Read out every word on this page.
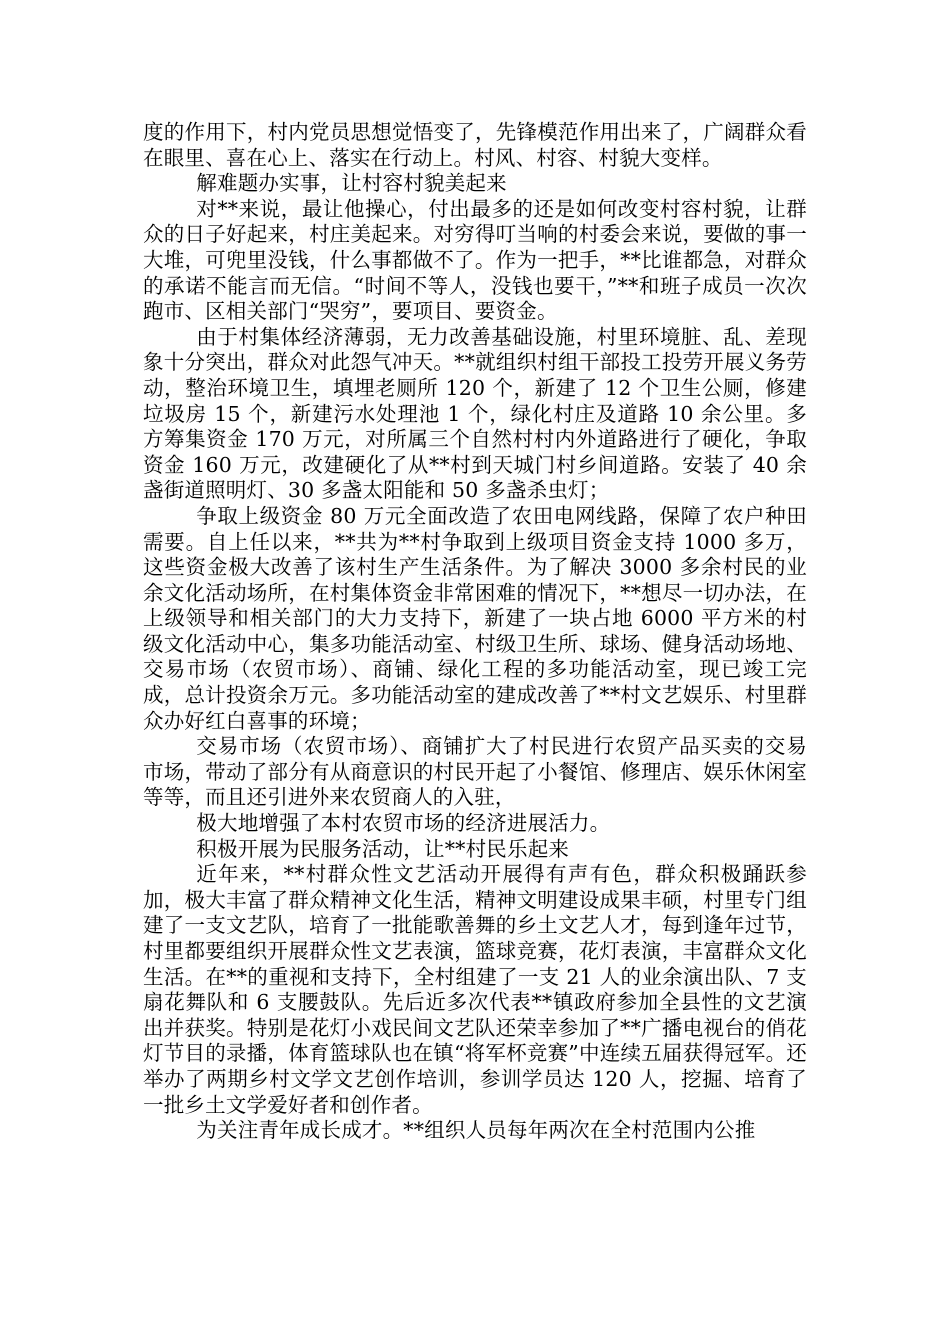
度的作用下，村内党员思想觉悟变了，先锋模范作用出来了，广阔群众看在眼里、喜在心上、落实在行动上。村风、村容、村貌大变样。

解难题办实事，让村容村貌美起来

对**来说，最让他操心，付出最多的还是如何改变村容村貌，让群众的日子好起来，村庄美起来。对穷得叮当响的村委会来说，要做的事一大堆，可兜里没钱，什么事都做不了。作为一把手，**比谁都急，对群众的承诺不能言而无信。“时间不等人，没钱也要干，”**和班子成员一次次跑市、区相关部门“哭穷”，要项目、要资金。

由于村集体经济薄弱，无力改善基础设施，村里环境脏、乱、差现象十分突出，群众对此怨气冲天。**就组织村组干部投工投劳开展义务劳动，整治环境卫生，填埋老厕所 120 个，新建了 12 个卫生公厕，修建垃圾房 15 个，新建污水处理池 1 个，绿化村庄及道路 10 余公里。多方筹集资金 170 万元，对所属三个自然村村内外道路进行了硬化，争取资金 160 万元，改建硬化了从**村到天城门村乡间道路。安装了 40 余盏街道照明灯、30 多盏太阳能和 50 多盏杀虫灯；

争取上级资金 80 万元全面改造了农田电网线路，保障了农户种田需要。自上任以来，**共为**村争取到上级项目资金支持 1000 多万，这些资金极大改善了该村生产生活条件。为了解决 3000 多余村民的业余文化活动场所，在村集体资金非常困难的情况下，**想尽一切办法，在上级领导和相关部门的大力支持下，新建了一块占地 6000 平方米的村级文化活动中心，集多功能活动室、村级卫生所、球场、健身活动场地、交易市场（农贸市场）、商铺、绿化工程的多功能活动室，现已竣工完成，总计投资余万元。多功能活动室的建成改善了**村文艺娱乐、村里群众办好红白喜事的环境；

交易市场（农贸市场）、商铺扩大了村民进行农贸产品买卖的交易市场，带动了部分有从商意识的村民开起了小餐馆、修理店、娱乐休闲室等等，而且还引进外来农贸商人的入驻，

极大地增强了本村农贸市场的经济进展活力。

积极开展为民服务活动，让**村民乐起来

近年来，**村群众性文艺活动开展得有声有色，群众积极踊跃参加，极大丰富了群众精神文化生活，精神文明建设成果丰硕，村里专门组建了一支文艺队，培育了一批能歌善舞的乡土文艺人才，每到逢年过节，村里都要组织开展群众性文艺表演，篮球竞赛，花灯表演，丰富群众文化生活。在**的重视和支持下，全村组建了一支 21 人的业余演出队、7 支扇花舞队和 6 支腰鼓队。先后近多次代表**镇政府参加全县性的文艺演出并获奖。特别是花灯小戏民间文艺队还荣幸参加了**广播电视台的俏花灯节目的录播，体育篮球队也在镇“将军杯竞赛”中连续五届获得冠军。还举办了两期乡村文学文艺创作培训，参训学员达 120 人，挖掘、培育了一批乡土文学爱好者和创作者。

为关注青年成长成才。**组织人员每年两次在全村范围内公推
